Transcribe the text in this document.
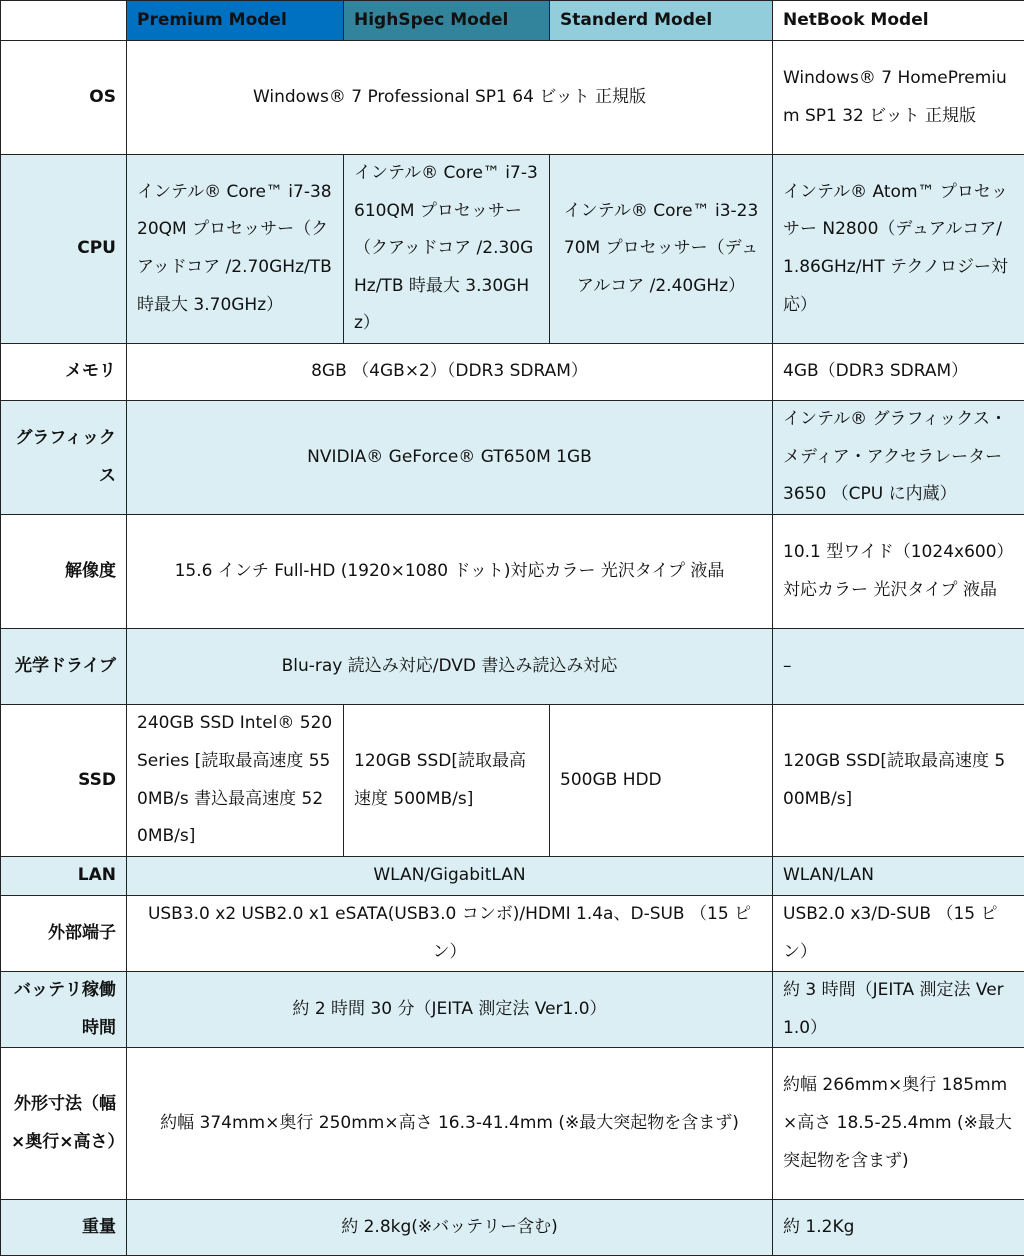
	Premium Model	HighSpec Model	Standerd Model	NetBook Model
OS	Windows® 7 Professional SP1 64 ビット 正規版			Windows® 7 HomePremium SP1 32 ビット 正規版
CPU	インテル® Core™ i7-3820QM プロセッサー（クアッドコア /2.70GHz/TB 時最大 3.70GHz）	インテル® Core™ i7-3610QM プロセッサー（クアッドコア /2.30GHz/TB 時最大 3.30GHz）	インテル® Core™ i3-2370M プロセッサー（デュアルコア /2.40GHz）	インテル® Atom™ プロセッサー N2800（デュアルコア/1.86GHz/HT テクノロジー対応）
メモリ	8GB （4GB×2）（DDR3 SDRAM）			4GB（DDR3 SDRAM）
グラフィックス	NVIDIA® GeForce® GT650M 1GB			インテル® グラフィックス・メディア・アクセラレーター 3650 （CPU に内蔵）
解像度	15.6 インチ Full-HD (1920×1080 ドット)対応カラー 光沢タイプ 液晶			10.1 型ワイド（1024x600）対応カラー 光沢タイプ 液晶
光学ドライブ	Blu-ray 読込み対応/DVD 書込み読込み対応			–
SSD	240GB SSD Intel® 520Series [読取最高速度 550MB/s 書込最高速度 520MB/s]	120GB SSD[読取最高速度 500MB/s]	500GB HDD	120GB SSD[読取最高速度 500MB/s]
LAN	WLAN/GigabitLAN			WLAN/LAN
外部端子	USB3.0 x2 USB2.0 x1 eSATA(USB3.0 コンボ)/HDMI 1.4a、D-SUB （15 ピン）			USB2.0 x3/D-SUB （15 ピン）
バッテリ稼働時間	約 2 時間 30 分（JEITA 測定法 Ver1.0）			約 3 時間（JEITA 測定法 Ver1.0）
外形寸法（幅×奥行×高さ）	約幅 374mm×奥行 250mm×高さ 16.3-41.4mm (※最大突起物を含まず)			約幅 266mm×奥行 185mm×高さ 18.5-25.4mm (※最大突起物を含まず)
重量	約 2.8kg(※バッテリー含む)			約 1.2Kg
